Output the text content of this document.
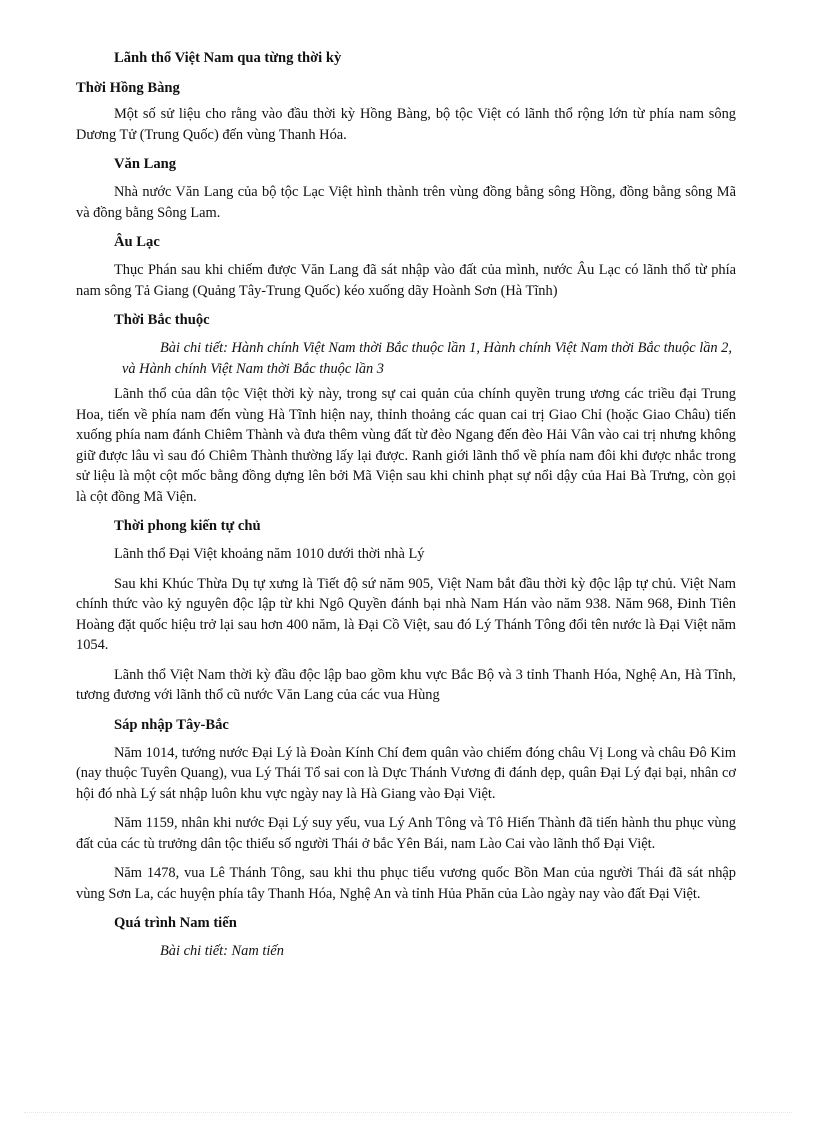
Lãnh thổ Việt Nam qua từng thời kỳ
Thời Hồng Bàng

Một số sử liệu cho rằng vào đầu thời kỳ Hồng Bàng, bộ tộc Việt có lãnh thổ rộng lớn từ phía nam sông Dương Tử (Trung Quốc) đến vùng Thanh Hóa.

Văn Lang

Nhà nước Văn Lang của bộ tộc Lạc Việt hình thành trên vùng đồng bằng sông Hồng, đồng bằng sông Mã và đồng bằng Sông Lam.

Âu Lạc

Thục Phán sau khi chiếm được Văn Lang đã sát nhập vào đất của mình, nước Âu Lạc có lãnh thổ từ phía nam sông Tả Giang (Quảng Tây-Trung Quốc) kéo xuống dãy Hoành Sơn (Hà Tĩnh)

Thời Bắc thuộc

Bài chi tiết: Hành chính Việt Nam thời Bắc thuộc lần 1, Hành chính Việt Nam thời Bắc thuộc lần 2, và Hành chính Việt Nam thời Bắc thuộc lần 3

Lãnh thổ của dân tộc Việt thời kỳ này, trong sự cai quản của chính quyền trung ương các triều đại Trung Hoa, tiến về phía nam đến vùng Hà Tĩnh hiện nay, thỉnh thoảng các quan cai trị Giao Chỉ (hoặc Giao Châu) tiến xuống phía nam đánh Chiêm Thành và đưa thêm vùng đất từ đèo Ngang đến đèo Hải Vân vào cai trị nhưng không giữ được lâu vì sau đó Chiêm Thành thường lấy lại được. Ranh giới lãnh thổ về phía nam đôi khi được nhắc trong sử liệu là một cột mốc bằng đồng dựng lên bởi Mã Viện sau khi chinh phạt sự nổi dậy của Hai Bà Trưng, còn gọi là cột đồng Mã Viện.

Thời phong kiến tự chủ

Lãnh thổ Đại Việt khoảng năm 1010 dưới thời nhà Lý

Sau khi Khúc Thừa Dụ tự xưng là Tiết độ sứ năm 905, Việt Nam bắt đầu thời kỳ độc lập tự chủ. Việt Nam chính thức vào kỷ nguyên độc lập từ khi Ngô Quyền đánh bại nhà Nam Hán vào năm 938. Năm 968, Đinh Tiên Hoàng đặt quốc hiệu trở lại sau hơn 400 năm, là Đại Cồ Việt, sau đó Lý Thánh Tông đổi tên nước là Đại Việt năm 1054.

Lãnh thổ Việt Nam thời kỳ đầu độc lập bao gồm khu vực Bắc Bộ và 3 tỉnh Thanh Hóa, Nghệ An, Hà Tĩnh, tương đương với lãnh thổ cũ nước Văn Lang của các vua Hùng

Sáp nhập Tây-Bắc

Năm 1014, tướng nước Đại Lý là Đoàn Kính Chí đem quân vào chiếm đóng châu Vị Long và châu Đô Kim (nay thuộc Tuyên Quang), vua Lý Thái Tổ sai con là Dực Thánh Vương đi đánh dẹp, quân Đại Lý đại bại, nhân cơ hội đó nhà Lý sát nhập luôn khu vực ngày nay là Hà Giang vào Đại Việt.

Năm 1159, nhân khi nước Đại Lý suy yếu, vua Lý Anh Tông và Tô Hiến Thành đã tiến hành thu phục vùng đất của các tù trưởng dân tộc thiểu số người Thái ở bắc Yên Bái, nam Lào Cai vào lãnh thổ Đại Việt.

Năm 1478, vua Lê Thánh Tông, sau khi thu phục tiểu vương quốc Bồn Man của người Thái đã sát nhập vùng Sơn La, các huyện phía tây Thanh Hóa, Nghệ An và tỉnh Hủa Phăn của Lào ngày nay vào đất Đại Việt.

Quá trình Nam tiến

Bài chi tiết: Nam tiến
